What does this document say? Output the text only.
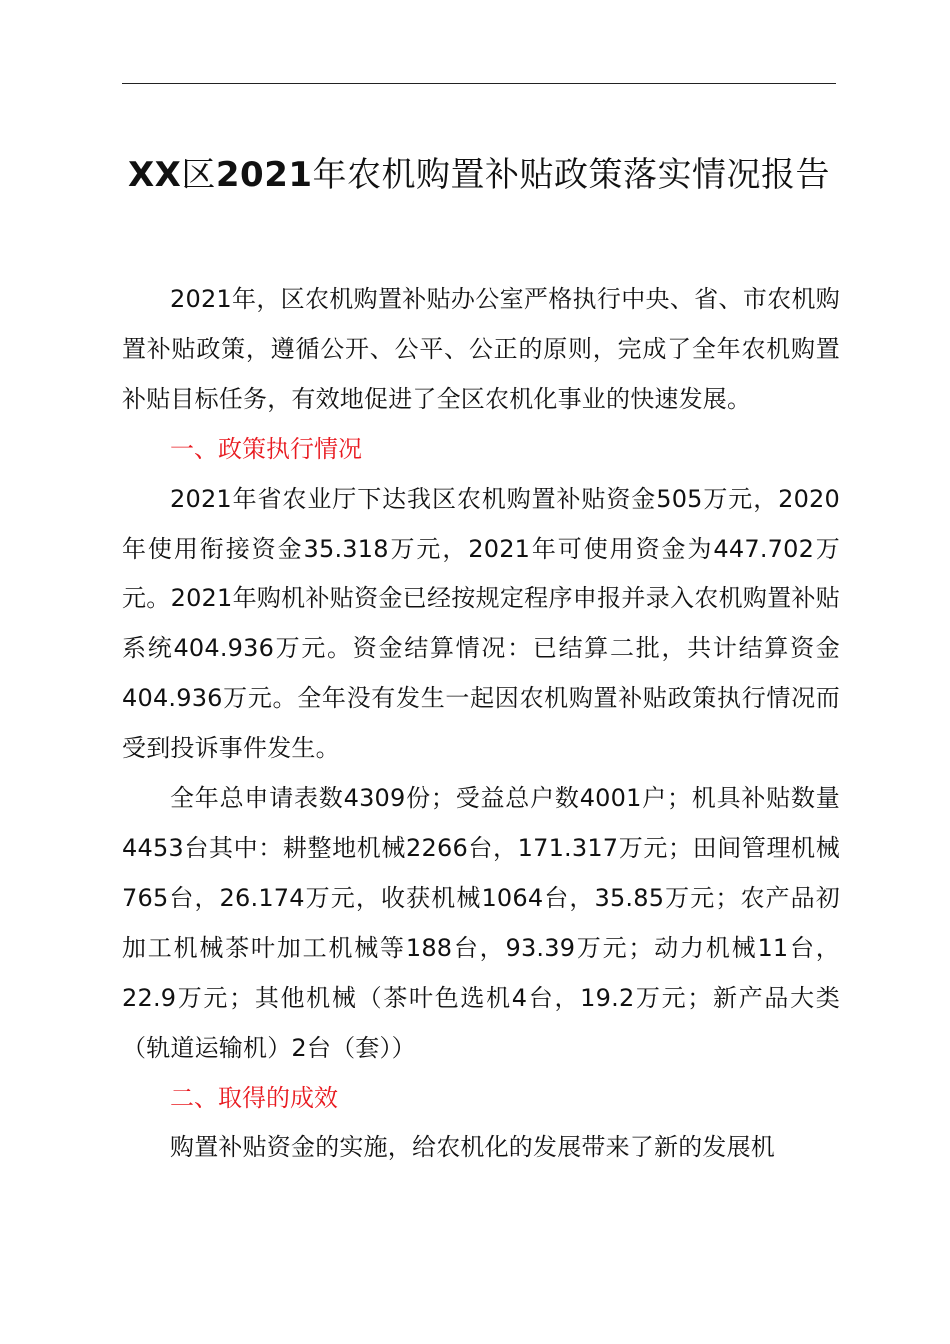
XX区2021年农机购置补贴政策落实情况报告

2021年，区农机购置补贴办公室严格执行中央、省、市农机购置补贴政策，遵循公开、公平、公正的原则，完成了全年农机购置补贴目标任务，有效地促进了全区农机化事业的快速发展。

一、政策执行情况

2021年省农业厅下达我区农机购置补贴资金505万元，2020年使用衔接资金35.318万元，2021年可使用资金为447.702万元。2021年购机补贴资金已经按规定程序申报并录入农机购置补贴系统404.936万元。资金结算情况：已结算二批，共计结算资金404.936万元。全年没有发生一起因农机购置补贴政策执行情况而受到投诉事件发生。

全年总申请表数4309份；受益总户数4001户；机具补贴数量4453台其中：耕整地机械2266台，171.317万元；田间管理机械765台，26.174万元，收获机械1064台，35.85万元；农产品初加工机械茶叶加工机械等188台，93.39万元；动力机械11台，22.9万元；其他机械（茶叶色选机4台，19.2万元；新产品大类（轨道运输机）2台（套））

二、取得的成效

购置补贴资金的实施，给农机化的发展带来了新的发展机
